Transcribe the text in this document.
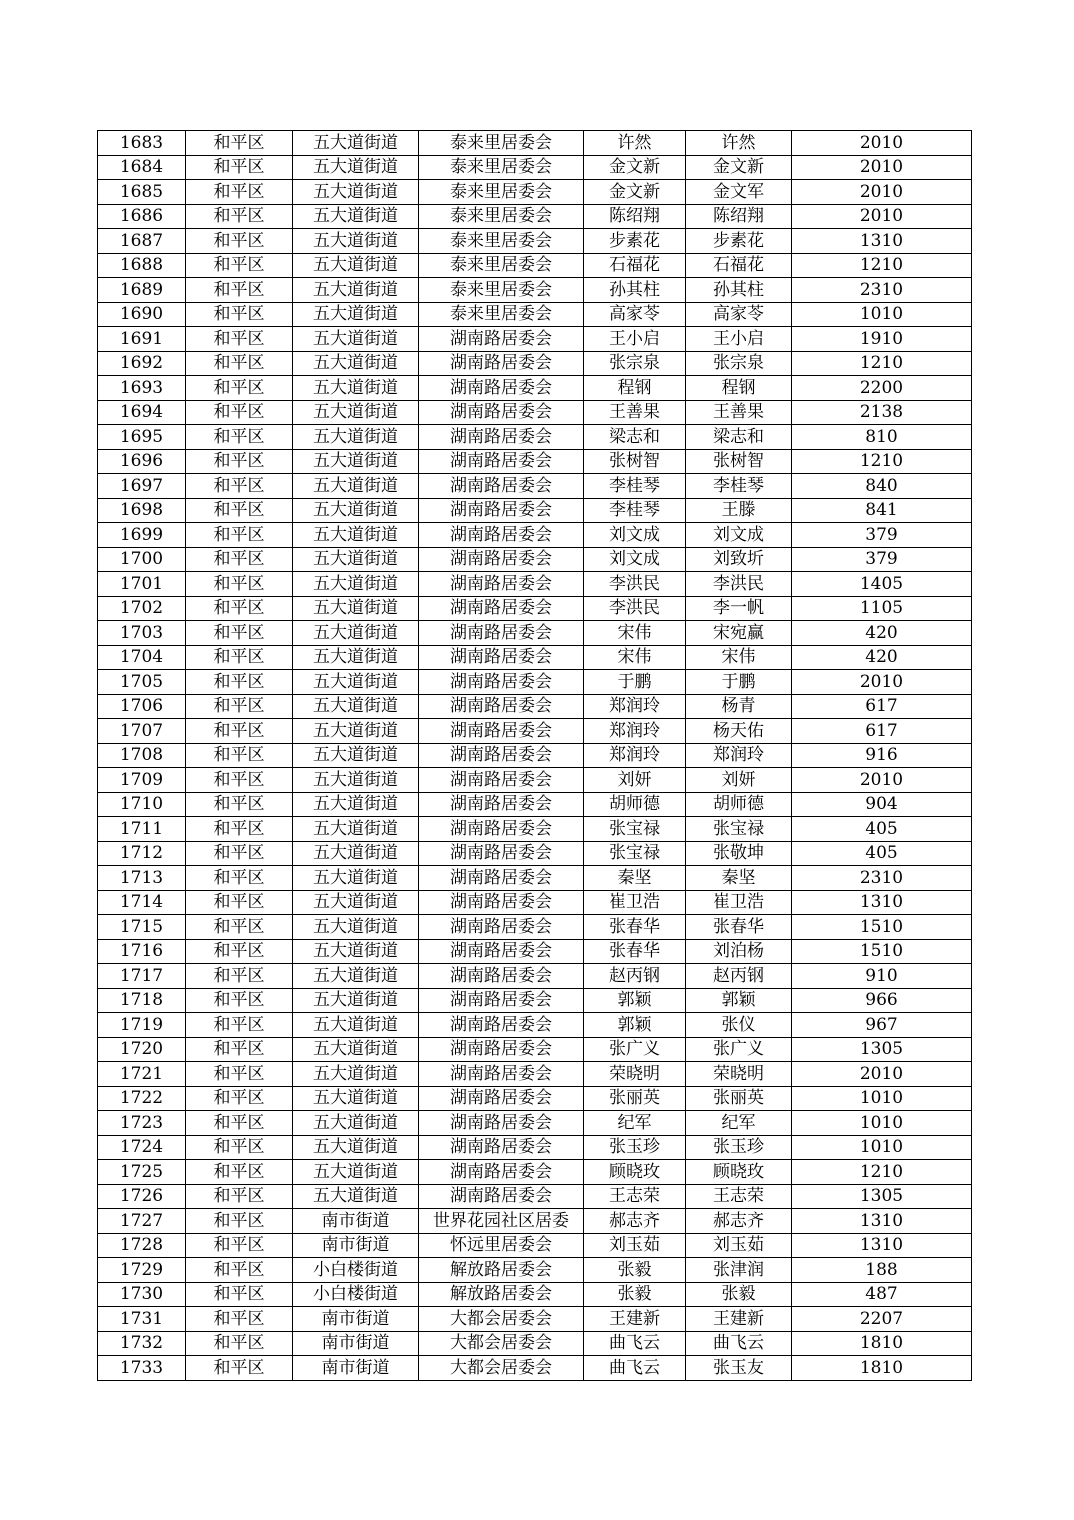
1683	和平区	五大道街道	泰来里居委会	许然	许然	2010
1684	和平区	五大道街道	泰来里居委会	金文新	金文新	2010
1685	和平区	五大道街道	泰来里居委会	金文新	金文军	2010
1686	和平区	五大道街道	泰来里居委会	陈绍翔	陈绍翔	2010
1687	和平区	五大道街道	泰来里居委会	步素花	步素花	1310
1688	和平区	五大道街道	泰来里居委会	石福花	石福花	1210
1689	和平区	五大道街道	泰来里居委会	孙其柱	孙其柱	2310
1690	和平区	五大道街道	泰来里居委会	高家苓	高家苓	1010
1691	和平区	五大道街道	湖南路居委会	王小启	王小启	1910
1692	和平区	五大道街道	湖南路居委会	张宗泉	张宗泉	1210
1693	和平区	五大道街道	湖南路居委会	程钢	程钢	2200
1694	和平区	五大道街道	湖南路居委会	王善果	王善果	2138
1695	和平区	五大道街道	湖南路居委会	梁志和	梁志和	810
1696	和平区	五大道街道	湖南路居委会	张树智	张树智	1210
1697	和平区	五大道街道	湖南路居委会	李桂琴	李桂琴	840
1698	和平区	五大道街道	湖南路居委会	李桂琴	王滕	841
1699	和平区	五大道街道	湖南路居委会	刘文成	刘文成	379
1700	和平区	五大道街道	湖南路居委会	刘文成	刘致圻	379
1701	和平区	五大道街道	湖南路居委会	李洪民	李洪民	1405
1702	和平区	五大道街道	湖南路居委会	李洪民	李一帆	1105
1703	和平区	五大道街道	湖南路居委会	宋伟	宋宛赢	420
1704	和平区	五大道街道	湖南路居委会	宋伟	宋伟	420
1705	和平区	五大道街道	湖南路居委会	于鹏	于鹏	2010
1706	和平区	五大道街道	湖南路居委会	郑润玲	杨青	617
1707	和平区	五大道街道	湖南路居委会	郑润玲	杨天佑	617
1708	和平区	五大道街道	湖南路居委会	郑润玲	郑润玲	916
1709	和平区	五大道街道	湖南路居委会	刘妍	刘妍	2010
1710	和平区	五大道街道	湖南路居委会	胡师德	胡师德	904
1711	和平区	五大道街道	湖南路居委会	张宝禄	张宝禄	405
1712	和平区	五大道街道	湖南路居委会	张宝禄	张敬坤	405
1713	和平区	五大道街道	湖南路居委会	秦坚	秦坚	2310
1714	和平区	五大道街道	湖南路居委会	崔卫浩	崔卫浩	1310
1715	和平区	五大道街道	湖南路居委会	张春华	张春华	1510
1716	和平区	五大道街道	湖南路居委会	张春华	刘泊杨	1510
1717	和平区	五大道街道	湖南路居委会	赵丙钢	赵丙钢	910
1718	和平区	五大道街道	湖南路居委会	郭颖	郭颖	966
1719	和平区	五大道街道	湖南路居委会	郭颖	张仪	967
1720	和平区	五大道街道	湖南路居委会	张广义	张广义	1305
1721	和平区	五大道街道	湖南路居委会	荣晓明	荣晓明	2010
1722	和平区	五大道街道	湖南路居委会	张丽英	张丽英	1010
1723	和平区	五大道街道	湖南路居委会	纪军	纪军	1010
1724	和平区	五大道街道	湖南路居委会	张玉珍	张玉珍	1010
1725	和平区	五大道街道	湖南路居委会	顾晓玫	顾晓玫	1210
1726	和平区	五大道街道	湖南路居委会	王志荣	王志荣	1305
1727	和平区	南市街道	世界花园社区居委	郝志齐	郝志齐	1310
1728	和平区	南市街道	怀远里居委会	刘玉茹	刘玉茹	1310
1729	和平区	小白楼街道	解放路居委会	张毅	张津润	188
1730	和平区	小白楼街道	解放路居委会	张毅	张毅	487
1731	和平区	南市街道	大都会居委会	王建新	王建新	2207
1732	和平区	南市街道	大都会居委会	曲飞云	曲飞云	1810
1733	和平区	南市街道	大都会居委会	曲飞云	张玉友	1810
